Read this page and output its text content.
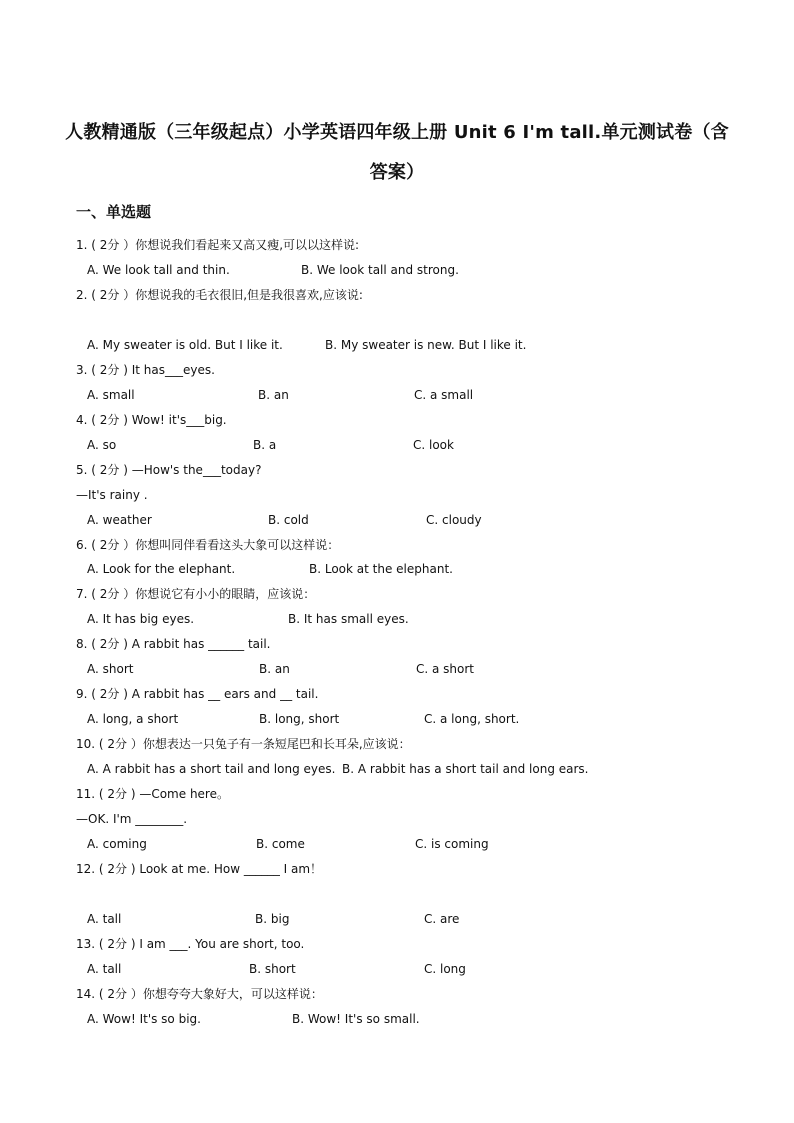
人教精通版（三年级起点）小学英语四年级上册 Unit 6 I'm tall.单元测试卷（含
答案）
一、单选题
1. ( 2分 ）你想说我们看起来又高又瘦,可以以这样说:
A. We look tall and thin.	B. We look tall and strong.
2. ( 2分 ）你想说我的毛衣很旧,但是我很喜欢,应该说:
A. My sweater is old. But I like it.	B. My sweater is new. But I like it.
3. ( 2分 ) It has___eyes.
A. small	B. an	C. a small
4. ( 2分 ) Wow! it's___big.
A. so	B. a	C. look
5. ( 2分 ) —How's the___today?
—It's rainy .
A. weather	B. cold	C. cloudy
6. ( 2分 ）你想叫同伴看看这头大象可以这样说：
A. Look for the elephant.	B. Look at the elephant.
7. ( 2分 ）你想说它有小小的眼睛，应该说：
A. It has big eyes.	B. It has small eyes.
8. ( 2分 ) A rabbit has ______ tail.
A. short	B. an	C. a short
9. ( 2分 ) A rabbit has __ ears and __ tail.
A. long, a short	B. long, short	C. a long, short.
10. ( 2分 ）你想表达一只兔子有一条短尾巴和长耳朵,应该说：
A. A rabbit has a short tail and long eyes. B. A rabbit has a short tail and long ears.
11. ( 2分 ) —Come here。
—OK. I'm ________.
A. coming	B. come	C. is coming
12. ( 2分 ) Look at me. How ______ I am！
A. tall	B. big	C. are
13. ( 2分 ) I am ___. You are short, too.
A. tall	B. short	C. long
14. ( 2分 ）你想夸夸大象好大，可以这样说：
A. Wow! It's so big.	B. Wow! It's so small.
